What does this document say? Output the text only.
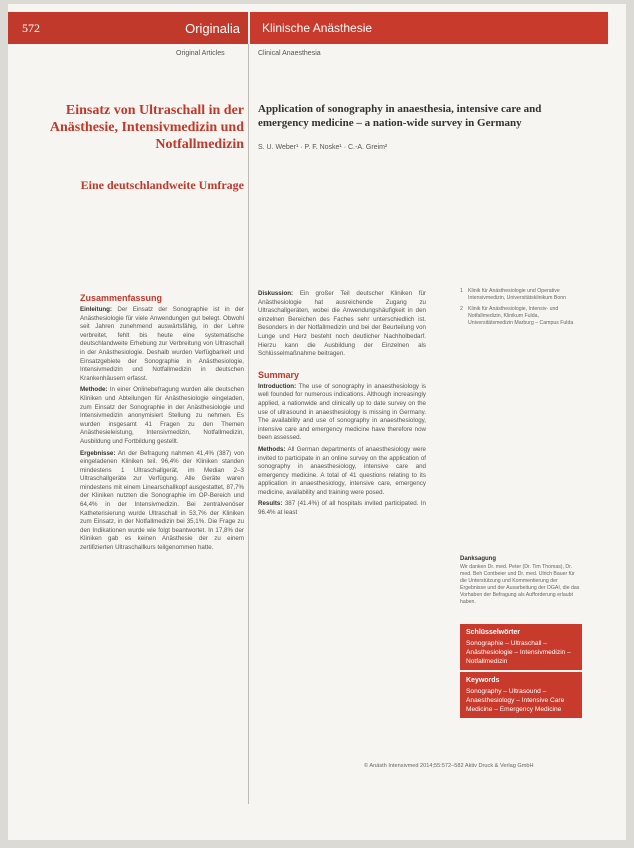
572	Originalia Klinische Anästhesie
Original Articles	Clinical Anaesthesia
Einsatz von Ultraschall in der Anästhesie, Intensivmedizin und Notfallmedizin
Eine deutschlandweite Umfrage
Application of sonography in anaesthesia, intensive care and emergency medicine – a nation-wide survey in Germany
S. U. Weber¹ · P. F. Noske¹ · C.-A. Greim²
Zusammenfassung

Einleitung: Der Einsatz der Sonographie ist in der Anästhesiologie für viele Anwendungen gut belegt. Obwohl seit Jahren zunehmend auswärtsfähig, in der Lehre verbreitet, fehlt bis heute eine systematische deutschlandweite Erhebung zur Verbreitung von Ultraschall in der Anästhesiologie. Deshalb wurden Verfügbarkeit und Einsatzgebiete der Sonographie in Anästhesiologie, Intensivmedizin und Notfallmedizin in deutschen Krankenhäusern erfasst.

Methode: In einer Onlinebefragung wurden alle deutschen Kliniken und Abteilungen für Anästhesiologie eingeladen, zum Einsatz der Sonographie in der Anästhesiologie und Intensivmedizin anonymisiert Stellung zu nehmen. Es wurden insgesamt 41 Fragen zu den Themen Anästhesieleistung, Intensivmedizin, Notfallmedizin, Ausbildung und Fortbildung gestellt.

Ergebnisse: An der Befragung nahmen 41,4% (387) von eingeladenen Kliniken teil. 96,4% der Kliniken standen mindestens 1 Ultraschallgerät, im Median 2–3 Ultraschallgeräte zur Verfügung. Alle Geräte waren mindestens mit einem Linearschallkopf ausgestattet, 87,7% der Kliniken nutzten die Sonographie im OP-Bereich und 64,4% in der Intensivmedizin. Bei zentralvenöser Katheterisierung wurde Ultraschall in 53,7% der Kliniken zum Einsatz, in der Notfallmedizin bei 35,1%. Die Frage zu den Indikationen wurde wie folgt beantwortet. In 17,8% der Kliniken gab es keinen Anästhesie der zu einem zertifizierten Ultraschallkurs teilgenommen hatte.

Diskussion: Ein großer Teil deutscher Kliniken für Anästhesiologie hat ausreichende Zugang zu Ultraschallgeräten, wobei die Anwendungshäufigkeit in den einzelnen Bereichen des Faches sehr unterschiedlich ist. Besonders in der Notfallmedizin und bei der Beurteilung von Lunge und Herz besteht noch deutlicher Nachholbedarf. Hierzu kann die Ausbildung der Einzelnen als Schlüsselmaßnahme beitragen.

Summary

Introduction: The use of sonography in anaesthesiology is well founded for numerous indications. Although increasingly applied, a nationwide and clinically up to date survey on the use of ultrasound in anaesthesiology is missing in Germany. The availability and use of sonography in anaesthesiology, intensive care and emergency medicine have therefore now been assessed.

Methods: All German departments of anaesthesiology were invited to participate in an online survey on the application of sonography in anaesthesiology, intensive care and emergency medicine. A total of 41 questions relating to its application in anaesthesiology, intensive care, emergency medicine, availability and training were posed.

Results: 387 (41.4%) of all hospitals invited participated. In 96.4% at least

1 Klinik für Anästhesiologie und Operative Intensivmedizin, Universitätsklinikum Bonn
2 Klinik für Anästhesiologie, Intensiv- und Notfallmedizin, Klinikum Fulda, Universitätsmedizin Marburg – Campus Fulda
Danksagung
Wir danken Dr. med. Peter (Dr. Tim Thomas), Dr. med. Beh Contbeier und Dr. med. Ulrich Bauer für die Unterstützung und Kommentierung der Ergebnisse und der Ausarbeitung der DGAI, die das Vorhaben der Befragung als Aufforderung erlaubt haben.
Schlüsselwörter
Sonographie – Ultraschall – Anästhesiologie – Intensivmedizin – Notfallmedizin
Keywords
Sonography – Ultrasound – Anaesthesiology – Intensive Care Medicine – Emergency Medicine
© Anästh Intensivmed 2014;55:572–582 Aktiv Druck & Verlag GmbH
